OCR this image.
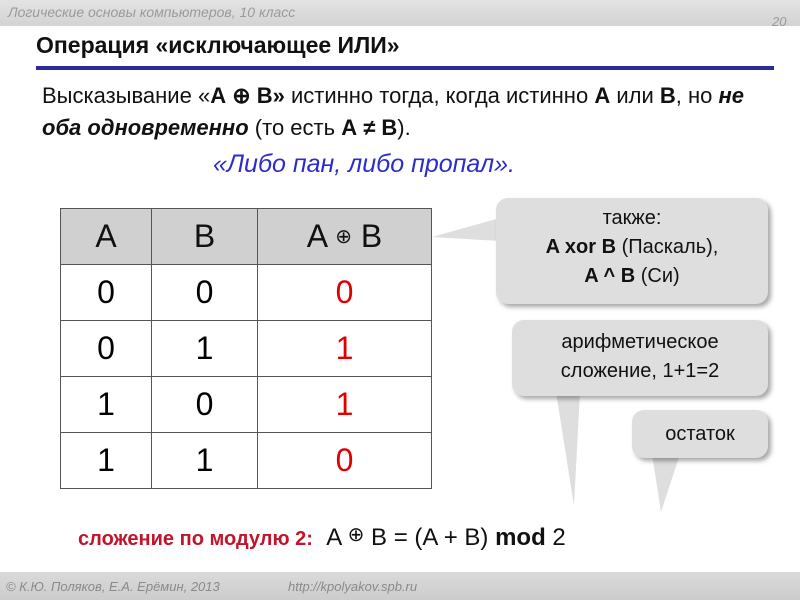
Логические основы компьютеров, 10 класс
20
Операция «исключающее ИЛИ»
Высказывание «А ⊕ В» истинно тогда, когда истинно А или В, но не оба одновременно (то есть А ≠ В).
«Либо пан, либо пропал».
A	B	A ⊕ B
0	0	0
0	1	1
1	0	1
1	1	0
также:
A xor B (Паскаль),
A ^ B (Си)
арифметическое
сложение, 1+1=2
остаток
сложение по модулю 2: A ⊕ B = (A + B) mod 2
© К.Ю. Поляков, Е.А. Ерёмин, 2013	http://kpolyakov.spb.ru
